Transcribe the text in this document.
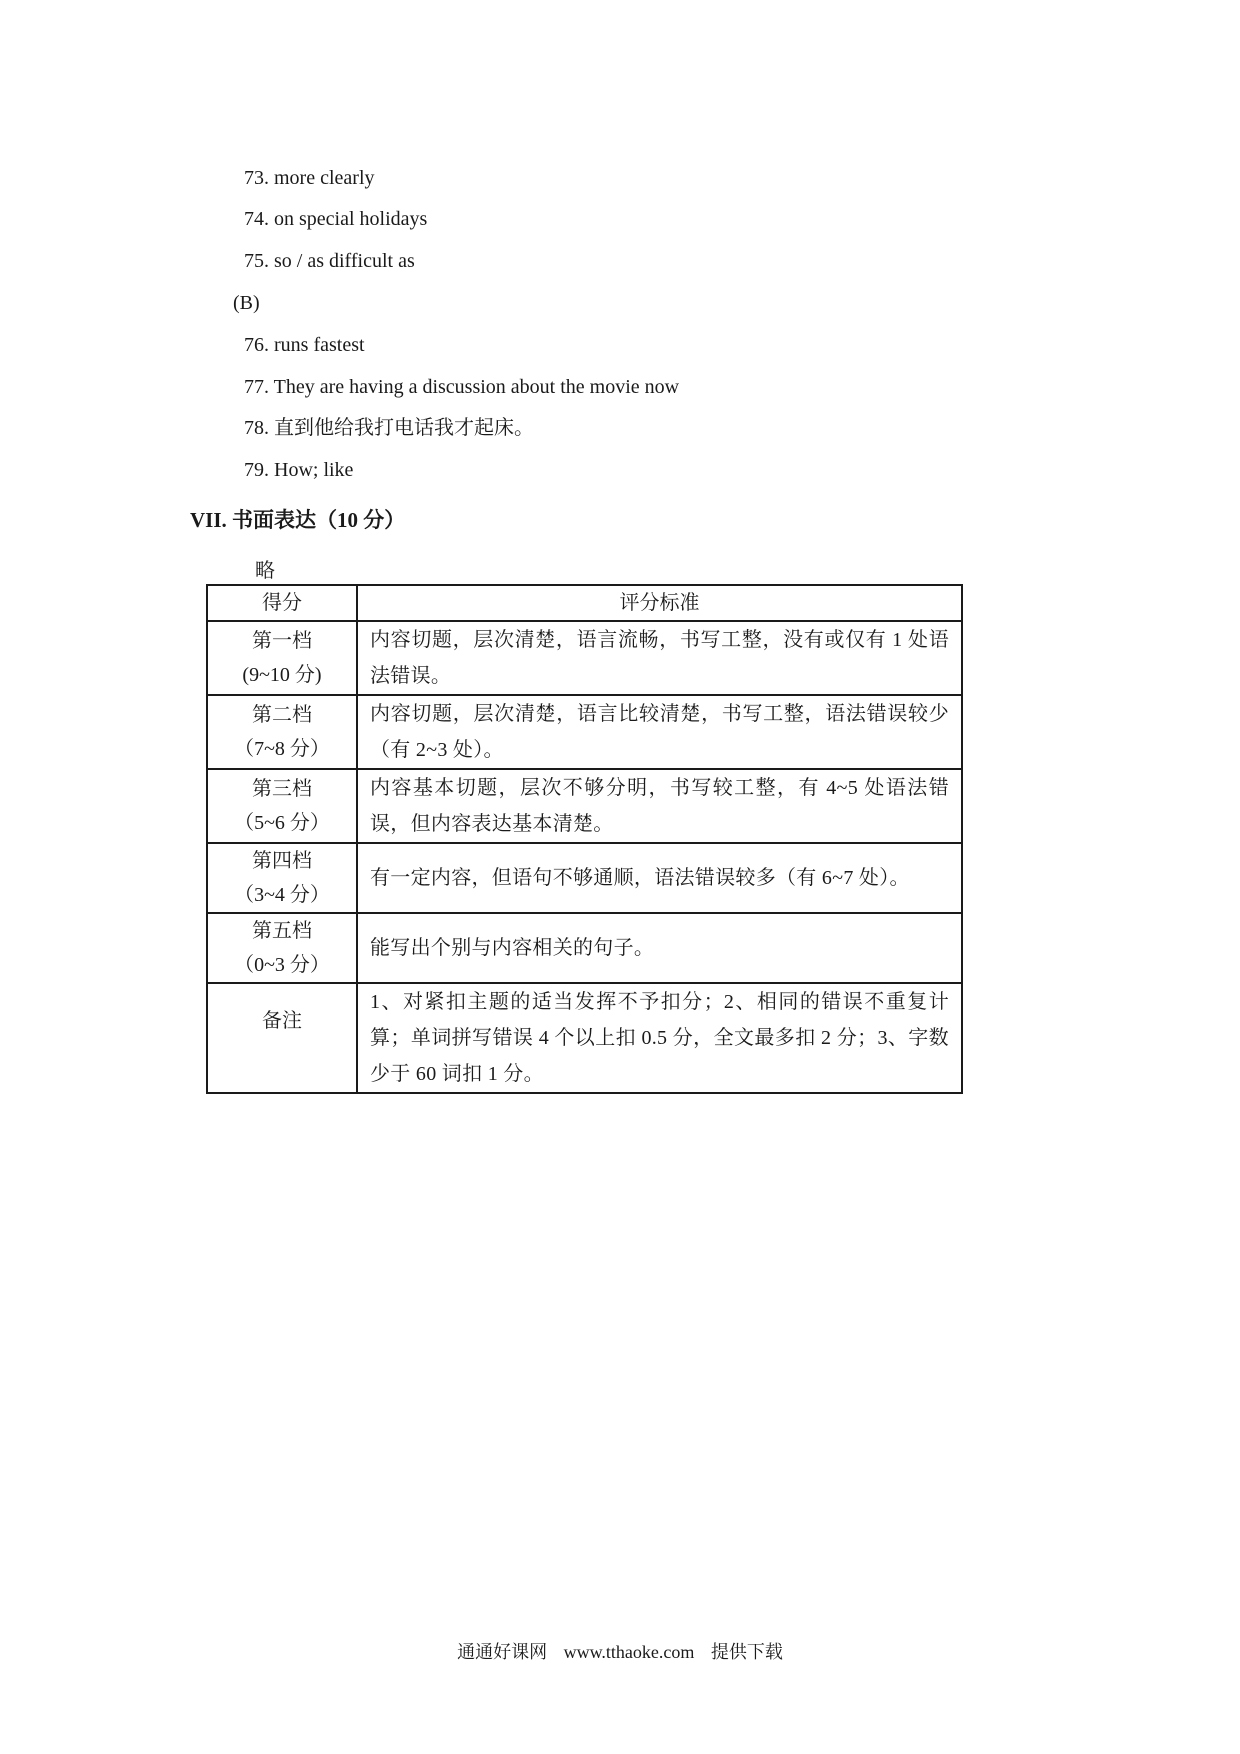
73. more clearly
74. on special holidays
75. so / as difficult as
(B)
76. runs fastest
77. They are having a discussion about the movie now
78. 直到他给我打电话我才起床。
79. How; like
VII. 书面表达（10 分）
略
得分	评分标准

第一档
(9~10 分)	内容切题，层次清楚，语言流畅，书写工整，没有或仅有 1 处语法错误。

第二档
（7~8 分）	内容切题，层次清楚，语言比较清楚，书写工整，语法错误较少（有 2~3 处）。

第三档
（5~6 分）	内容基本切题，层次不够分明，书写较工整，有 4~5 处语法错误，但内容表达基本清楚。

第四档
（3~4 分）	有一定内容，但语句不够通顺，语法错误较多（有 6~7 处）。

第五档
（0~3 分）	能写出个别与内容相关的句子。
备注	1、对紧扣主题的适当发挥不予扣分；2、相同的错误不重复计算；单词拼写错误 4 个以上扣 0.5 分，全文最多扣 2 分；3、字数少于 60 词扣 1 分。
通通好课网 www.tthaoke.com 提供下载
